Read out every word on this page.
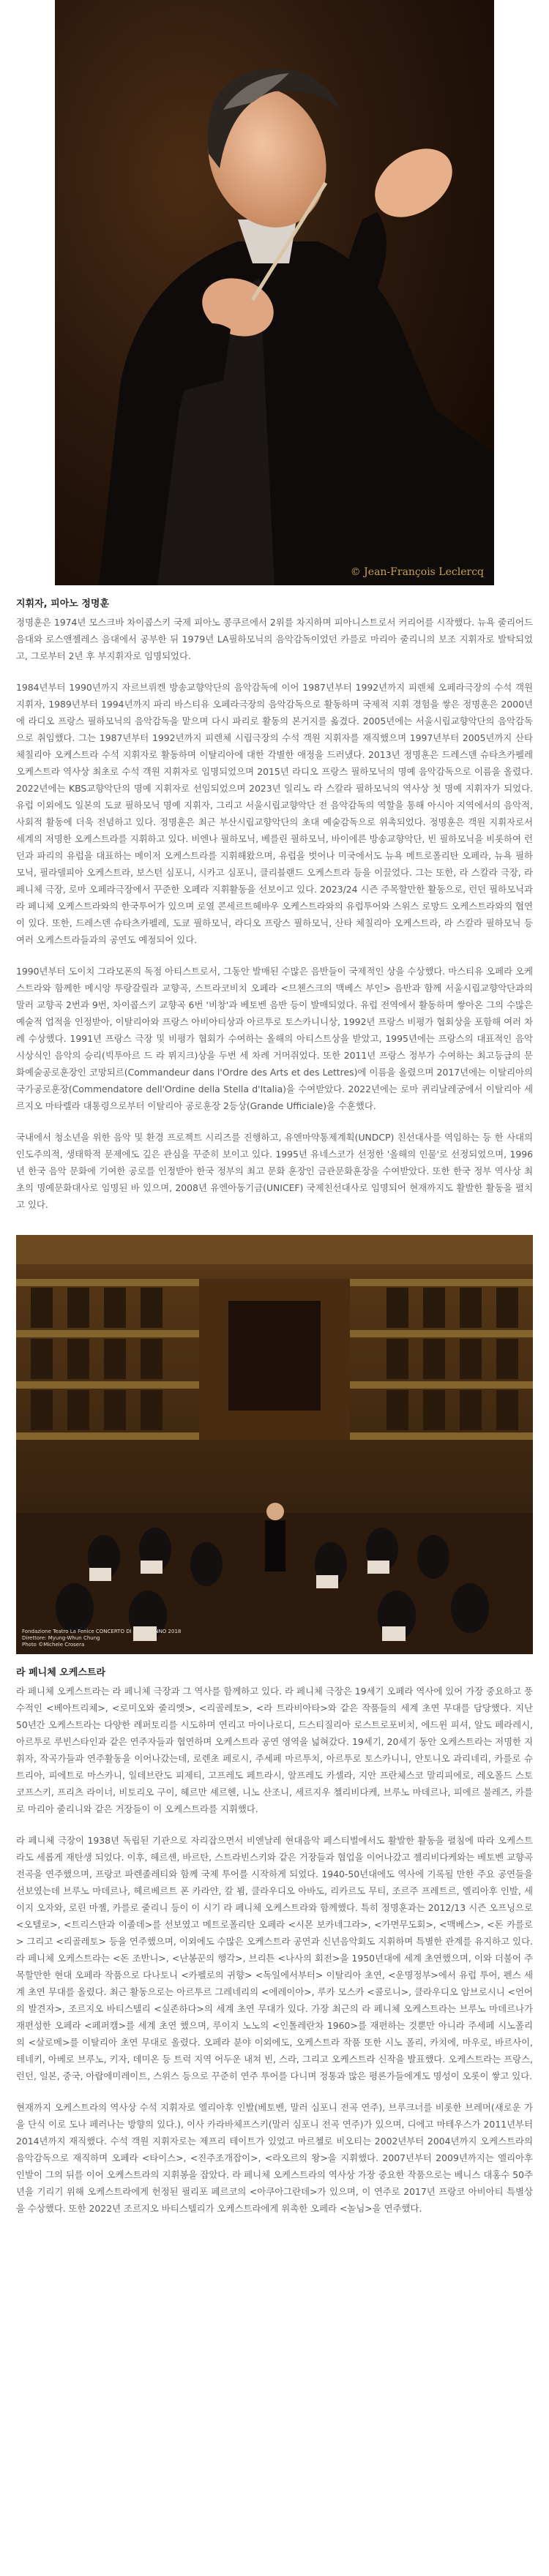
© Jean-François Leclercq
지휘자, 피아노 정명훈

정명훈은 1974년 모스크바 차이콥스키 국제 피아노 콩쿠르에서 2위를 차지하며 피아니스트로서 커리어를 시작했다. 뉴욕 줄리어드 음대와 로스앤젤레스 음대에서 공부한 뒤 1979년 LA필하모닉의 음악감독이었던 카를로 마리아 줄리니의 보조 지휘자로 발탁되었고, 그로부터 2년 후 부지휘자로 임명되었다.

1984년부터 1990년까지 자르브뤼켄 방송교향악단의 음악감독에 이어 1987년부터 1992년까지 피렌체 오페라극장의 수석 객원 지휘자, 1989년부터 1994년까지 파리 바스티유 오페라극장의 음악감독으로 활동하며 국제적 지휘 경험을 쌓은 정명훈은 2000년에 라디오 프랑스 필하모닉의 음악감독을 맡으며 다시 파리로 활동의 본거지를 옮겼다. 2005년에는 서울시립교향악단의 음악감독으로 취임했다. 그는 1987년부터 1992년까지 피렌체 시립극장의 수석 객원 지휘자를 재직했으며 1997년부터 2005년까지 산타 체칠리아 오케스트라 수석 지휘자로 활동하며 이탈리아에 대한 각별한 애정을 드러냈다. 2013년 정명훈은 드레스덴 슈타츠카펠레 오케스트라 역사상 최초로 수석 객원 지휘자로 임명되었으며 2015년 라디오 프랑스 필하모닉의 명예 음악감독으로 이름을 올렸다. 2022년에는 KBS교향악단의 명예 지휘자로 선임되었으며 2023년 일리노 라 스칼라 필하모닉의 역사상 첫 명예 지휘자가 되었다. 유럽 이외에도 일본의 도쿄 필하모닉 명예 지휘자, 그리고 서울시립교향악단 전 음악감독의 역할을 통해 아시아 지역에서의 음악적, 사회적 활동에 더욱 전념하고 있다. 정명훈은 최근 부산시립교향악단의 초대 예술감독으로 위촉되었다. 정명훈은 객원 지휘자로서 세계의 저명한 오케스트라를 지휘하고 있다. 비엔나 필하모닉, 베를린 필하모닉, 바이에른 방송교향악단, 빈 필하모닉을 비롯하여 런던과 파리의 유럽을 대표하는 메이저 오케스트라를 지휘해왔으며, 유럽을 벗어나 미국에서도 뉴욕 메트로폴리탄 오페라, 뉴욕 필하모닉, 필라델피아 오케스트라, 보스턴 심포니, 시카고 심포니, 클리블랜드 오케스트라 등을 이끌었다. 그는 또한, 라 스칼라 극장, 라 페니체 극장, 로마 오페라극장에서 꾸준한 오페라 지휘활동을 선보이고 있다. 2023/24 시즌 주목할만한 활동으로, 런던 필하모닉과 라 페니체 오케스트라와의 한국투어가 있으며 로열 콘세르트헤바우 오케스트라와의 유럽투어와 스위스 로망드 오케스트라와의 협연이 있다. 또한, 드레스덴 슈타츠카펠레, 도쿄 필하모닉, 라디오 프랑스 필하모닉, 산타 체칠리아 오케스트라, 라 스칼라 필하모닉 등 여러 오케스트라들과의 공연도 예정되어 있다.

1990년부터 도이치 그라모폰의 독점 아티스트로서, 그동안 발매된 수많은 음반들이 국제적인 상을 수상했다. 마스티유 오페라 오케스트라와 함께한 메시앙 투랑갈릴라 교향곡, 스트라코비치 오페라 <므첸스크의 맥베스 부인> 음반과 함께 서울시립교향악단과의 말러 교향곡 2번과 9번, 차이콥스키 교향곡 6번 '비창'과 베토벤 음반 등이 발매되었다. 유럽 전역에서 활동하며 쌓아온 그의 수많은 예술적 업적을 인정받아, 이탈리아와 프랑스 아비아티상과 아르투로 토스카니니상, 1992년 프랑스 비평가 협회상을 포함해 여러 차례 수상했다. 1991년 프랑스 극장 및 비평가 협회가 수여하는 올해의 아티스트상을 받았고, 1995년에는 프랑스의 대표적인 음악 시상식인 음악의 승리(빅투아르 드 라 뮈지크)상을 두번 세 차례 거머쥐었다. 또한 2011년 프랑스 정부가 수여하는 최고등급의 문화예술공로훈장인 코망되르(Commandeur dans l'Ordre des Arts et des Lettres)에 이름을 올렸으며 2017년에는 이탈리아의 국가공로훈장(Commendatore dell'Ordine della Stella d'Italia)을 수여받았다. 2022년에는 로마 퀴리날레궁에서 이탈리아 세르지오 마타렐라 대통령으로부터 이탈리아 공로훈장 2등상(Grande Ufficiale)을 수훈했다.

국내에서 청소년을 위한 음악 및 환경 프로젝트 시리즈를 진행하고, 유엔마약통제계획(UNDCP) 친선대사를 역임하는 등 한 사대의 인도주의적, 생태학적 문제에도 깊은 관심을 꾸준히 보이고 있다. 1995년 유네스코가 선정한 '올해의 인물'로 선정되었으며, 1996년 한국 음악 문화에 기여한 공로를 인정받아 한국 정부의 최고 문화 훈장인 금관문화훈장을 수여받았다. 또한 한국 정부 역사상 최초의 명예문화대사로 임명된 바 있으며, 2008년 유엔아동기금(UNICEF) 국제친선대사로 임명되어 현재까지도 활발한 활동을 펼치고 있다.

Fondazione Teatro La Fenice CONCERTO DI CAPODANNO 2018
Direttore: Myung-Whun Chung
Photo ©Michele Crosera
라 페니체 오케스트라

라 페니체 오케스트라는 라 페니체 극장과 그 역사를 함께하고 있다. 라 페니체 극장은 19세기 오페라 역사에 있어 가장 중요하고 풍수적인 <베아트리체>, <로미오와 줄리엣>, <리골레토>, <라 트라비아타>와 같은 작품들의 세계 초연 무대를 담당했다. 지난 50년간 오케스트라는 다양한 레퍼토리를 시도하며 연리고 마이나로디, 드스티질리아 로스트로포비치, 에드윈 피셔, 알도 페라레시, 아르투로 루빈스타인과 같은 연주자들과 협연하며 오케스트라 공연 영역을 넓혀갔다. 19세기, 20세기 동안 오케스트라는 저명한 지휘자, 작곡가들과 연주활동을 이어나갔는데, 로렌초 페로시, 주세페 마르투치, 아르투로 토스카니니, 안토니오 과리네리, 카를로 슈트리아, 피에트로 마스카니, 일데브란도 피제티, 고프레도 페트라시, 알프레도 카셀라, 지안 프란체스코 말리피에로, 레오폴드 스토코프스키, 프리츠 라이너, 비토리오 구이, 헤르만 셰르헨, 니노 산조니, 세르지우 첼리비다케, 브루노 마데르나, 피에르 불레즈, 카를로 마리아 줄리니와 같은 거장들이 이 오케스트라를 지휘했다.

라 페니체 극장이 1938년 독립된 기관으로 자리잡으면서 비엔날레 현대음악 페스티벌에서도 활발한 활동을 펼침에 따라 오케스트라도 세롭게 재탄생 되었다. 이후, 헤르셴, 바르탄, 스트라빈스키와 같은 거장들과 협업을 이어나갔고 젤리비다케와는 베토벤 교향곡 전곡을 연주했으며, 프랑코 파렌졸레티와 함께 국제 투어를 시작하게 되었다. 1940-50년대에도 역사에 기록될 만한 주요 공연들을 선보였는데 브루노 마데르나, 헤르베르트 폰 카라얀, 칼 뵘, 클라우디오 아바도, 리카르도 무티, 조르주 프레트르, 엘리아후 인발, 세이지 오자와, 로린 마젤, 카를로 줄리니 등이 이 시기 라 페니체 오케스트라와 함께했다. 특히 정명훈과는 2012/13 시즌 오프닝으로 <오텔로>, <트리스탄과 이졸데>를 선보였고 메트로폴리탄 오페라 <시몬 보카네그라>, <가면무도회>, <맥베스>, <돈 카를로> 그리고 <리골레토> 등을 연주했으며, 이외에도 수많은 오케스트라 공연과 신년음악회도 지휘하며 특별한 관계를 유지하고 있다. 라 페니체 오케스트라는 <돈 조반니>, <난봉꾼의 행각>, 브리튼 <나사의 회전>을 1950년대에 세계 초연했으며, 이와 더불어 주목할만한 현대 오페라 작품으로 다나토니 <카펠로의 귀향> <독일에서부터> 이탈리아 초연, <운명정부>에서 유럽 투어, 펜스 세계 초연 무대를 올렸다. 최근 활동으로는 아르투르 그레네리의 <에레이아>, 루카 모스카 <콜로니>, 클라우디오 암브로시니 <언어의 발견자>, 조르지오 바티스텔리 <실존하다>의 세계 초연 무대가 있다. 가장 최근의 라 페니체 오케스트라는 브루노 마데르나가 재편성한 오페라 <페퍼캠>를 세계 초연 했으며, 루이지 노노의 <인톨레란차 1960>를 재편하는 것뿐만 아니라 주세페 시노폴리의 <살로메>를 이탈리아 초연 무대로 올렸다. 오페라 분야 이외에도, 오케스트라 작품 또한 시노 폴리, 카치에, 마우로, 바르사이, 테네키, 아베로 브루노, 키자, 데미온 등 트럭 지역 어두운 내쳐 빈, 스라, 그리고 오케스트라 신작을 발표했다. 오케스트라는 프랑스, 런던, 일본, 중국, 아랍에미레이트, 스위스 등으로 꾸준히 연주 투어를 다니며 정통과 많은 평론가들에게도 명성이 오롯이 쌓고 있다.

현재까지 오케스트라의 역사상 수석 지휘자로 엘리아후 인발(베토벤, 말러 심포니 전곡 연주), 브루크너를 비롯한 브레머(새로운 가을 단식 이로 도나 페러나는 방향의 있다.), 이사 카라바체프스키(말러 심포니 전곡 연주)가 있으며, 디에고 마테우스가 2011년부터 2014년까지 재직했다. 수석 객원 지휘자로는 제프리 테이트가 있었고 마르첼로 비오티는 2002년부터 2004년까지 오케스트라의 음악감독으로 재직하며 오페라 <타이스>, <진주조개잡이>, <라오르의 왕>을 지휘했다. 2007년부터 2009년까지는 엘리아후 인발이 그의 뒤를 이어 오케스트라의 지휘봉을 잡았다. 라 페니체 오케스트라의 역사상 가장 중요한 작품으로는 베니스 대홍수 50주년을 기리기 위해 오케스트라에게 헌정된 필리포 페르코의 <아쿠아그란데>가 있으며, 이 연주로 2017년 프랑코 아비아티 특별상을 수상했다. 또한 2022년 조르지오 바티스텔리가 오케스트라에게 위촉한 오페라 <놀님>을 연주했다.
